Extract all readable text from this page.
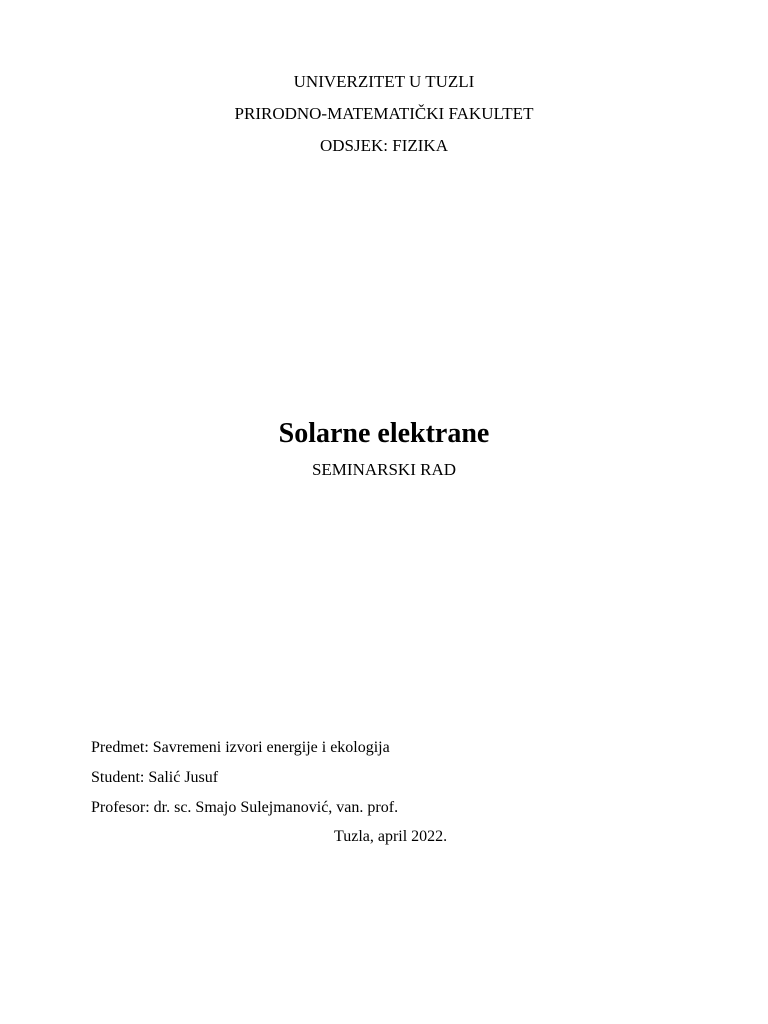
UNIVERZITET U TUZLI
PRIRODNO-MATEMATIČKI FAKULTET
ODSJEK: FIZIKA
Solarne elektrane
SEMINARSKI RAD
Predmet: Savremeni izvori energije i ekologija
Student: Salić Jusuf
Profesor: dr. sc. Smajo Sulejmanović, van. prof.
Tuzla, april 2022.
